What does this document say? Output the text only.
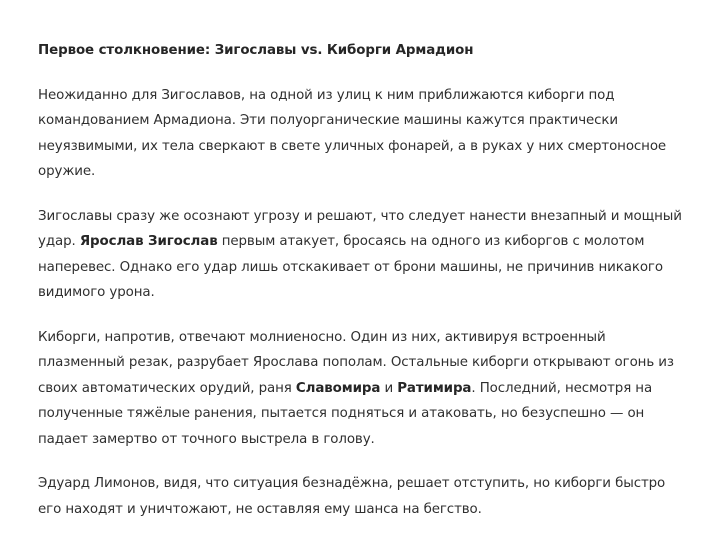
Первое столкновение: Зигославы vs. Киборги Армадион

Неожиданно для Зигославов, на одной из улиц к ним приближаются киборги под командованием Армадиона. Эти полуорганические машины кажутся практически неуязвимыми, их тела сверкают в свете уличных фонарей, а в руках у них смертоносное оружие.

Зигославы сразу же осознают угрозу и решают, что следует нанести внезапный и мощный удар. Ярослав Зигослав первым атакует, бросаясь на одного из киборгов с молотом наперевес. Однако его удар лишь отскакивает от брони машины, не причинив никакого видимого урона.

Киборги, напротив, отвечают молниеносно. Один из них, активируя встроенный плазменный резак, разрубает Ярослава пополам. Остальные киборги открывают огонь из своих автоматических орудий, раня Славомира и Ратимира. Последний, несмотря на полученные тяжёлые ранения, пытается подняться и атаковать, но безуспешно — он падает замертво от точного выстрела в голову.

Эдуард Лимонов, видя, что ситуация безнадёжна, решает отступить, но киборги быстро его находят и уничтожают, не оставляя ему шанса на бегство.
